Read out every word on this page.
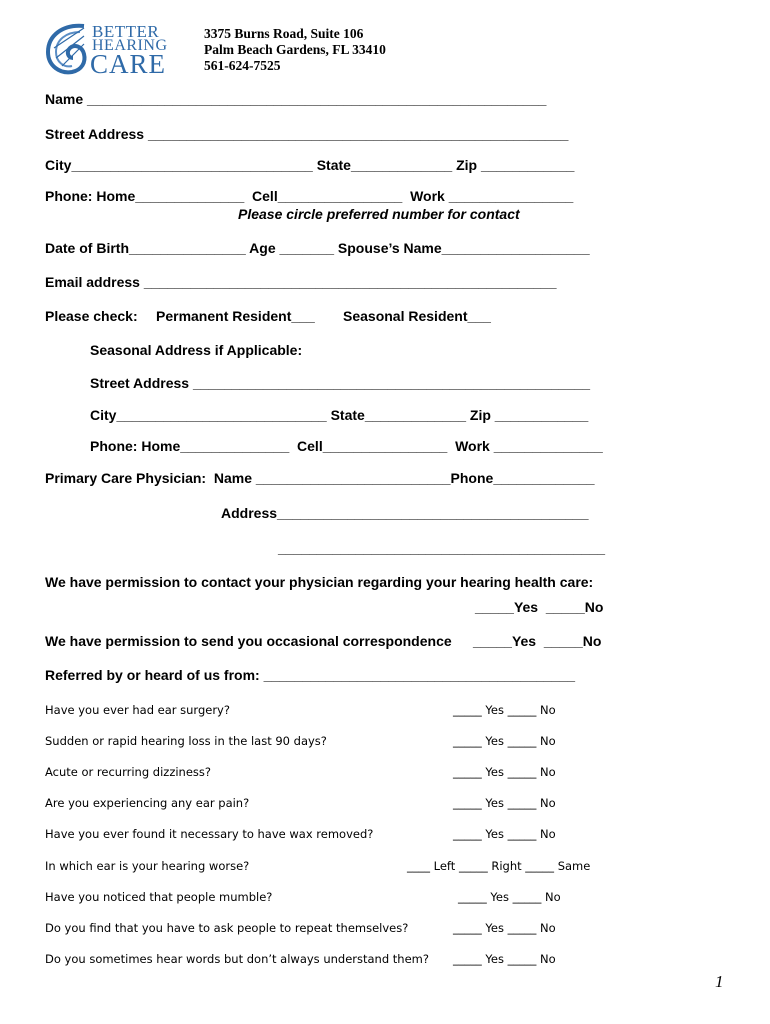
BETTER

HEARING

CARE

3375 Burns Road, Suite 106
Palm Beach Gardens, FL 33410
561-624-7525
Name ___________________________________________________________
Street Address ______________________________________________________
City_______________________________ State_____________ Zip ____________
Phone: Home______________  Cell________________  Work ________________
Please circle preferred number for contact
Date of Birth_______________ Age _______ Spouse’s Name___________________
Email address _____________________________________________________
Please check: Permanent Resident___ Seasonal Resident___
Seasonal Address if Applicable:
Street Address ___________________________________________________
City___________________________ State_____________ Zip ____________
Phone: Home______________  Cell________________  Work ______________
Primary Care Physician:  Name _________________________Phone_____________
Address________________________________________
__________________________________________
We have permission to contact your physician regarding your hearing health care:
_____Yes  _____No
We have permission to send you occasional correspondence _____Yes  _____No
Referred by or heard of us from: ________________________________________
Have you ever had ear surgery?	_____ Yes _____ No
Sudden or rapid hearing loss in the last 90 days?	_____ Yes _____ No
Acute or recurring dizziness?	_____ Yes _____ No
Are you experiencing any ear pain?	_____ Yes _____ No
Have you ever found it necessary to have wax removed?	_____ Yes _____ No
In which ear is your hearing worse?	____ Left _____ Right _____ Same
Have you noticed that people mumble?	_____ Yes _____ No
Do you find that you have to ask people to repeat themselves?	_____ Yes _____ No
Do you sometimes hear words but don’t always understand them? _____ Yes _____ No
1
